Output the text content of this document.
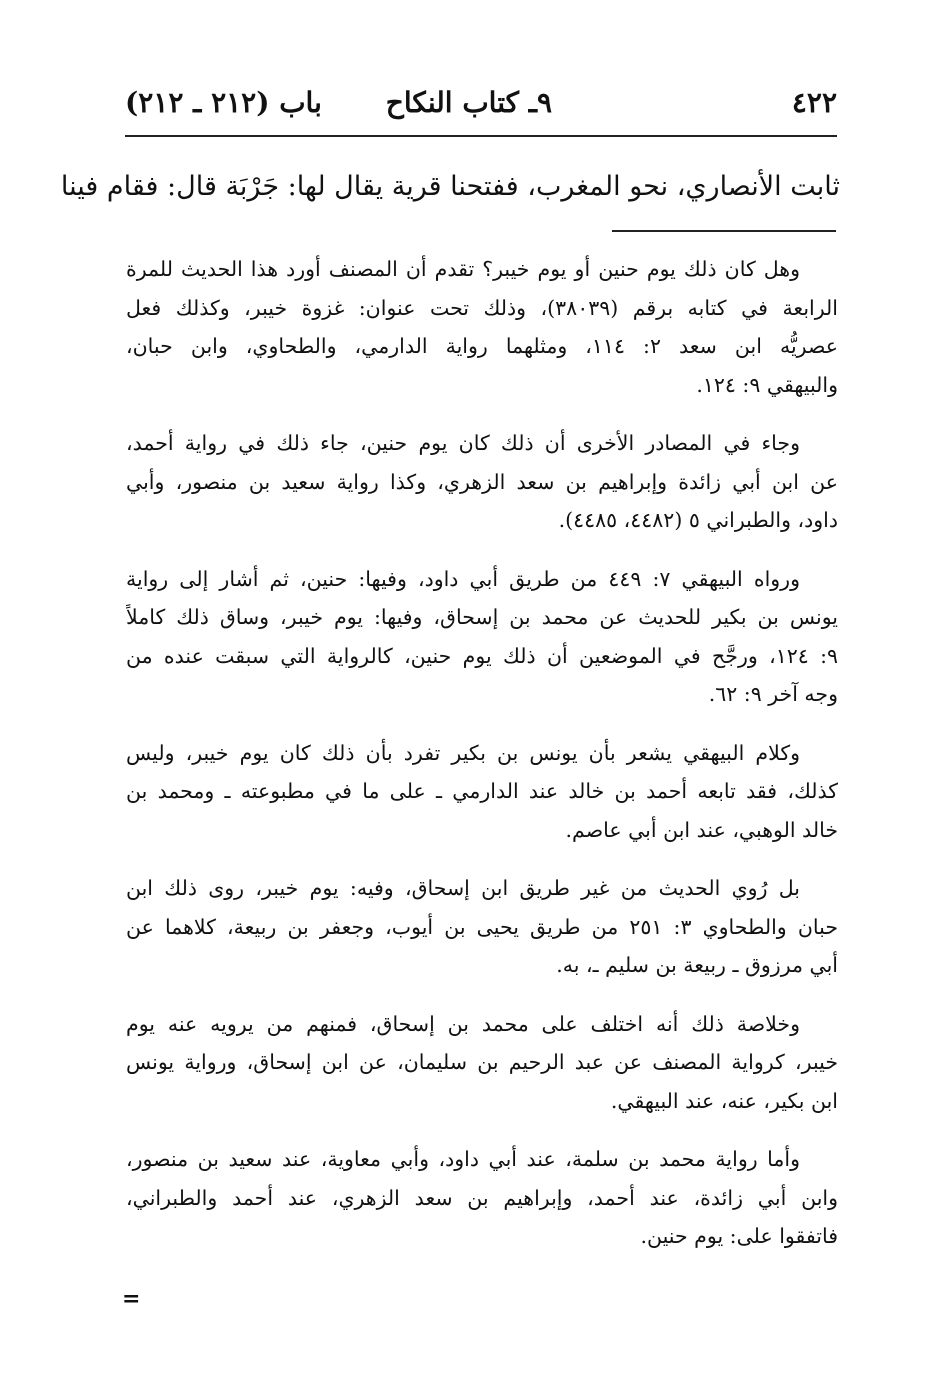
٤٢٢
٩ـ كتاب النكاح
باب (٢١٢ ـ ٢١٢)
ثابت الأنصاري، نحو المغرب، ففتحنا قرية يقال لها: جَرْبَة قال: فقام فينا
وهل كان ذلك يوم حنين أو يوم خيبر؟ تقدم أن المصنف أورد هذا الحديث للمرة
الرابعة في كتابه برقم (٣٨٠٣٩)، وذلك تحت عنوان: غزوة خيبر، وكذلك فعل
عصريُّه ابن سعد ٢: ١١٤، ومثلهما رواية الدارمي، والطحاوي، وابن حبان،
والبيهقي ٩: ١٢٤.
وجاء في المصادر الأخرى أن ذلك كان يوم حنين، جاء ذلك في رواية أحمد،
عن ابن أبي زائدة وإبراهيم بن سعد الزهري، وكذا رواية سعيد بن منصور، وأبي
داود، والطبراني ٥ (٤٤٨٢، ٤٤٨٥).
ورواه البيهقي ٧: ٤٤٩ من طريق أبي داود، وفيها: حنين، ثم أشار إلى رواية
يونس بن بكير للحديث عن محمد بن إسحاق، وفيها: يوم خيبر، وساق ذلك كاملاً
٩: ١٢٤، ورجَّح في الموضعين أن ذلك يوم حنين، كالرواية التي سبقت عنده من
وجه آخر ٩: ٦٢.
وكلام البيهقي يشعر بأن يونس بن بكير تفرد بأن ذلك كان يوم خيبر، وليس
كذلك، فقد تابعه أحمد بن خالد عند الدارمي ـ على ما في مطبوعته ـ ومحمد بن
خالد الوهبي، عند ابن أبي عاصم.
بل رُوي الحديث من غير طريق ابن إسحاق، وفيه: يوم خيبر، روى ذلك ابن
حبان والطحاوي ٣: ٢٥١ من طريق يحيى بن أيوب، وجعفر بن ربيعة، كلاهما عن
أبي مرزوق ـ ربيعة بن سليم ـ، به.
وخلاصة ذلك أنه اختلف على محمد بن إسحاق، فمنهم من يرويه عنه يوم
خيبر، كرواية المصنف عن عبد الرحيم بن سليمان، عن ابن إسحاق، ورواية يونس
ابن بكير، عنه، عند البيهقي.
وأما رواية محمد بن سلمة، عند أبي داود، وأبي معاوية، عند سعيد بن منصور،
وابن أبي زائدة، عند أحمد، وإبراهيم بن سعد الزهري، عند أحمد والطبراني،
فاتفقوا على: يوم حنين.
=
